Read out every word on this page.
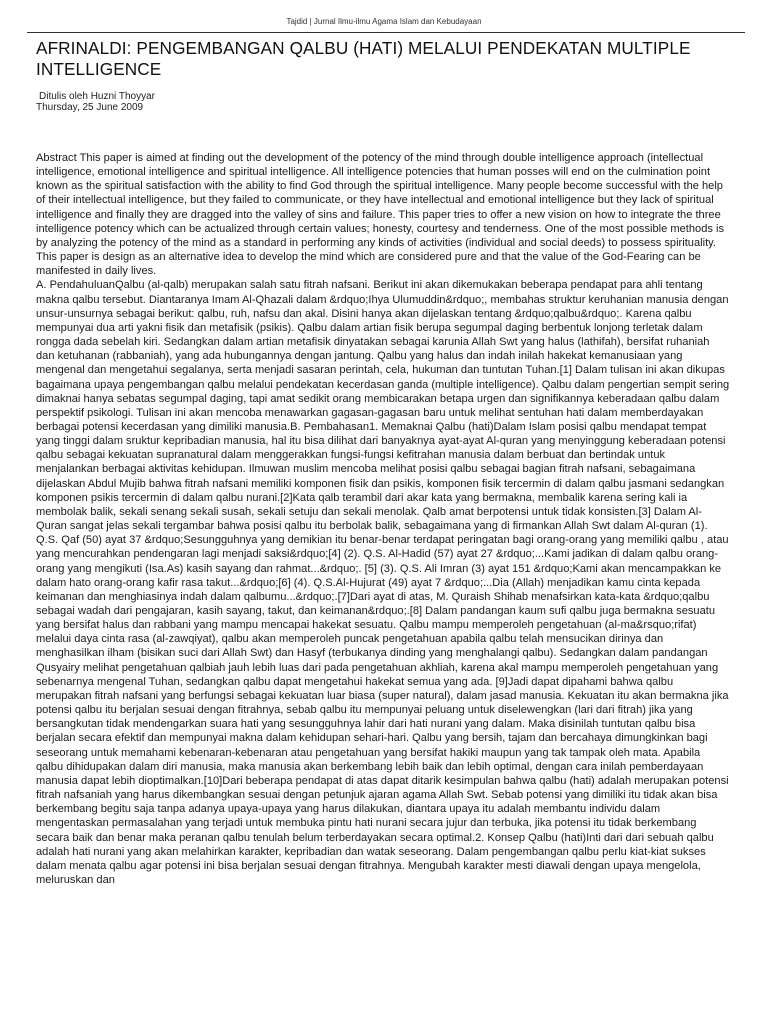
Tajdid | Jurnal Ilmu-ilmu Agama Islam dan Kebudayaan
AFRINALDI: PENGEMBANGAN QALBU (HATI) MELALUI PENDEKATAN MULTIPLE INTELLIGENCE
Ditulis oleh Huzni Thoyyar
Thursday, 25 June 2009

Abstract This paper is aimed at finding out the development of the potency of the mind through double intelligence approach (intellectual intelligence, emotional intelligence and spiritual intelligence. All intelligence potencies that human posses will end on the culmination point known as the spiritual satisfaction with the ability to find God through the spiritual intelligence. Many people become successful with the help of their intellectual intelligence, but they failed to communicate, or they have intellectual and emotional intelligence but they lack of spiritual intelligence and finally they are dragged into the valley of sins and failure. This paper tries to offer a new vision on how to integrate the three intelligence potency which can be actualized through certain values; honesty, courtesy and tenderness. One of the most possible methods is by analyzing the potency of the mind as a standard in performing any kinds of activities (individual and social deeds) to possess spirituality. This paper is design as an alternative idea to develop the mind which are considered pure and that the value of the God-Fearing can be manifested in daily lives.

A. PendahuluanQalbu (al-qalb) merupakan salah satu fitrah nafsani. Berikut ini akan dikemukakan beberapa pendapat para ahli tentang makna qalbu tersebut. Diantaranya Imam Al-Qhazali dalam &rdquo;Ihya Ulumuddin&rdquo;, membahas struktur keruhanian manusia dengan unsur-unsurnya sebagai berikut: qalbu, ruh, nafsu dan akal. Disini hanya akan dijelaskan tentang &rdquo;qalbu&rdquo;. Karena qalbu mempunyai dua arti yakni fisik dan metafisik (psikis). Qalbu dalam artian fisik berupa segumpal daging berbentuk lonjong terletak dalam rongga dada sebelah kiri. Sedangkan dalam artian metafisik dinyatakan sebagai karunia Allah Swt yang halus (lathifah), bersifat ruhaniah dan ketuhanan (rabbaniah), yang ada hubungannya dengan jantung. Qalbu yang halus dan indah inilah hakekat kemanusiaan yang mengenal dan mengetahui segalanya, serta menjadi sasaran perintah, cela, hukuman dan tuntutan Tuhan.[1] Dalam tulisan ini akan dikupas bagaimana upaya pengembangan qalbu melalui pendekatan kecerdasan ganda (multiple intelligence). Qalbu dalam pengertian sempit sering dimaknai hanya sebatas segumpal daging, tapi amat sedikit orang membicarakan betapa urgen dan signifikannya keberadaan qalbu dalam perspektif psikologi. Tulisan ini akan mencoba menawarkan gagasan-gagasan baru untuk melihat sentuhan hati dalam memberdayakan berbagai potensi kecerdasan yang dimiliki manusia.B. Pembahasan1. Memaknai Qalbu (hati)Dalam Islam posisi qalbu mendapat tempat yang tinggi dalam sruktur kepribadian manusia, hal itu bisa dilihat dari banyaknya ayat-ayat Al-quran yang menyinggung keberadaan potensi qalbu sebagai kekuatan supranatural dalam menggerakkan fungsi-fungsi kefitrahan manusia dalam berbuat dan bertindak untuk menjalankan berbagai aktivitas kehidupan. Ilmuwan muslim mencoba melihat posisi qalbu sebagai bagian fitrah nafsani, sebagaimana dijelaskan Abdul Mujib bahwa fitrah nafsani memiliki komponen fisik dan psikis, komponen fisik tercermin di dalam qalbu jasmani sedangkan komponen psikis tercermin di dalam qalbu nurani.[2]Kata qalb terambil dari akar kata yang bermakna, membalik karena sering kali ia membolak balik, sekali senang sekali susah, sekali setuju dan sekali menolak. Qalb amat berpotensi untuk tidak konsisten.[3] Dalam Al-Quran sangat jelas sekali tergambar bahwa posisi qalbu itu berbolak balik, sebagaimana yang di firmankan Allah Swt dalam Al-quran (1). Q.S. Qaf (50) ayat 37 &rdquo;Sesungguhnya yang demikian itu benar-benar terdapat peringatan bagi orang-orang yang memiliki qalbu , atau yang mencurahkan pendengaran lagi menjadi saksi&rdquo;[4] (2). Q.S. Al-Hadid (57) ayat 27 &rdquo;...Kami jadikan di dalam qalbu orang-orang yang mengikuti (Isa.As) kasih sayang dan rahmat...&rdquo;. [5] (3). Q.S. Ali Imran (3) ayat 151 &rdquo;Kami akan mencampakkan ke dalam hato orang-orang kafir rasa takut...&rdquo;[6] (4). Q.S.Al-Hujurat (49) ayat 7 &rdquo;...Dia (Allah) menjadikan kamu cinta kepada keimanan dan menghiasinya indah dalam qalbumu...&rdquo;.[7]Dari ayat di atas, M. Quraish Shihab menafsirkan kata-kata &rdquo;qalbu sebagai wadah dari pengajaran, kasih sayang, takut, dan keimanan&rdquo;.[8] Dalam pandangan kaum sufi qalbu juga bermakna sesuatu yang bersifat halus dan rabbani yang mampu mencapai hakekat sesuatu. Qalbu mampu memperoleh pengetahuan (al-ma&rsquo;rifat) melalui daya cinta rasa (al-zawqiyat), qalbu akan memperoleh puncak pengetahuan apabila qalbu telah mensucikan dirinya dan menghasilkan ilham (bisikan suci dari Allah Swt) dan Hasyf (terbukanya dinding yang menghalangi qalbu). Sedangkan dalam pandangan Qusyairy melihat pengetahuan qalbiah jauh lebih luas dari pada pengetahuan akhliah, karena akal mampu memperoleh pengetahuan yang sebenarnya mengenal Tuhan, sedangkan qalbu dapat mengetahui hakekat semua yang ada. [9]Jadi dapat dipahami bahwa qalbu merupakan fitrah nafsani yang berfungsi sebagai kekuatan luar biasa (super natural), dalam jasad manusia. Kekuatan itu akan bermakna jika potensi qalbu itu berjalan sesuai dengan fitrahnya, sebab qalbu itu mempunyai peluang untuk diselewengkan (lari dari fitrah) jika yang bersangkutan tidak mendengarkan suara hati yang sesungguhnya lahir dari hati nurani yang dalam. Maka disinilah tuntutan qalbu bisa berjalan secara efektif dan mempunyai makna dalam kehidupan sehari-hari. Qalbu yang bersih, tajam dan bercahaya dimungkinkan bagi seseorang untuk memahami kebenaran-kebenaran atau pengetahuan yang bersifat hakiki maupun yang tak tampak oleh mata. Apabila qalbu dihidupakan dalam diri manusia, maka manusia akan berkembang lebih baik dan lebih optimal, dengan cara inilah pemberdayaan manusia dapat lebih dioptimalkan.[10]Dari beberapa pendapat di atas dapat ditarik kesimpulan bahwa qalbu (hati) adalah merupakan potensi fitrah nafsaniah yang harus dikembangkan sesuai dengan petunjuk ajaran agama Allah Swt. Sebab potensi yang dimiliki itu tidak akan bisa berkembang begitu saja tanpa adanya upaya-upaya yang harus dilakukan, diantara upaya itu adalah membantu individu dalam mengentaskan permasalahan yang terjadi untuk membuka pintu hati nurani secara jujur dan terbuka, jika potensi itu tidak berkembang secara baik dan benar maka peranan qalbu tenulah belum terberdayakan secara optimal.2. Konsep Qalbu (hati)Inti dari dari sebuah qalbu adalah hati nurani yang akan melahirkan karakter, kepribadian dan watak seseorang. Dalam pengembangan qalbu perlu kiat-kiat sukses dalam menata qalbu agar potensi ini bisa berjalan sesuai dengan fitrahnya. Mengubah karakter mesti diawali dengan upaya mengelola, meluruskan dan
